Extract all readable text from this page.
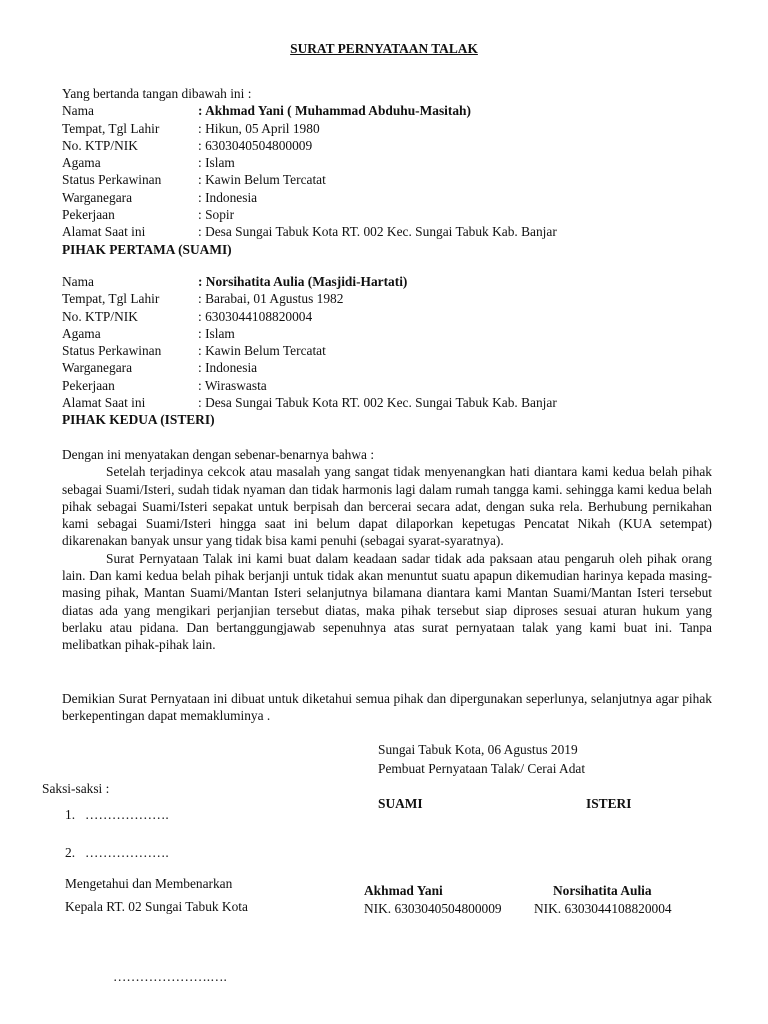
SURAT PERNYATAAN TALAK
Yang bertanda tangan dibawah ini :
Nama	: Akhmad Yani ( Muhammad Abduhu-Masitah)
Tempat, Tgl Lahir	: Hikun, 05 April 1980
No. KTP/NIK	: 6303040504800009
Agama	: Islam
Status Perkawinan	: Kawin Belum Tercatat
Warganegara	: Indonesia
Pekerjaan	: Sopir
Alamat Saat ini	: Desa Sungai Tabuk Kota RT. 002 Kec. Sungai Tabuk Kab. Banjar
PIHAK PERTAMA (SUAMI)
Nama	: Norsihatita Aulia (Masjidi-Hartati)
Tempat, Tgl Lahir	: Barabai, 01 Agustus 1982
No. KTP/NIK	: 6303044108820004
Agama	: Islam
Status Perkawinan	: Kawin Belum Tercatat
Warganegara	: Indonesia
Pekerjaan	: Wiraswasta
Alamat Saat ini	: Desa Sungai Tabuk Kota RT. 002 Kec. Sungai Tabuk Kab. Banjar
PIHAK KEDUA (ISTERI)
Dengan ini menyatakan dengan sebenar-benarnya bahwa :

Setelah terjadinya cekcok atau masalah yang sangat tidak menyenangkan hati diantara kami kedua belah pihak sebagai Suami/Isteri, sudah tidak nyaman dan tidak harmonis lagi dalam rumah tangga kami. sehingga kami kedua belah pihak sebagai Suami/Isteri sepakat untuk berpisah dan bercerai secara adat, dengan suka rela. Berhubung pernikahan kami sebagai Suami/Isteri hingga saat ini belum dapat dilaporkan kepetugas Pencatat Nikah (KUA setempat) dikarenakan banyak unsur yang tidak bisa kami penuhi (sebagai syarat-syaratnya).

Surat Pernyataan Talak ini kami buat dalam keadaan sadar tidak ada paksaan atau pengaruh oleh pihak orang lain. Dan kami kedua belah pihak berjanji untuk tidak akan menuntut suatu apapun dikemudian harinya kepada masing-masing pihak, Mantan Suami/Mantan Isteri selanjutnya bilamana diantara kami Mantan Suami/Mantan Isteri tersebut diatas ada yang mengikari perjanjian tersebut diatas, maka pihak tersebut siap diproses sesuai aturan hukum yang berlaku atau pidana. Dan bertanggungjawab sepenuhnya atas surat pernyataan talak yang kami buat ini. Tanpa melibatkan pihak-pihak lain.

Demikian Surat Pernyataan ini dibuat untuk diketahui semua pihak dan dipergunakan seperlunya, selanjutnya agar pihak berkepentingan dapat memakluminya .

Sungai Tabuk Kota, 06 Agustus 2019
Pembuat Pernyataan Talak/ Cerai Adat
Saksi-saksi :
1. ……………….
2. ……………….
SUAMI	ISTERI
Mengetahui dan Membenarkan
Kepala RT. 02 Sungai Tabuk Kota
………………….….
Akhmad Yani	Norsihatita Aulia
NIK. 6303040504800009 NIK. 6303044108820004
